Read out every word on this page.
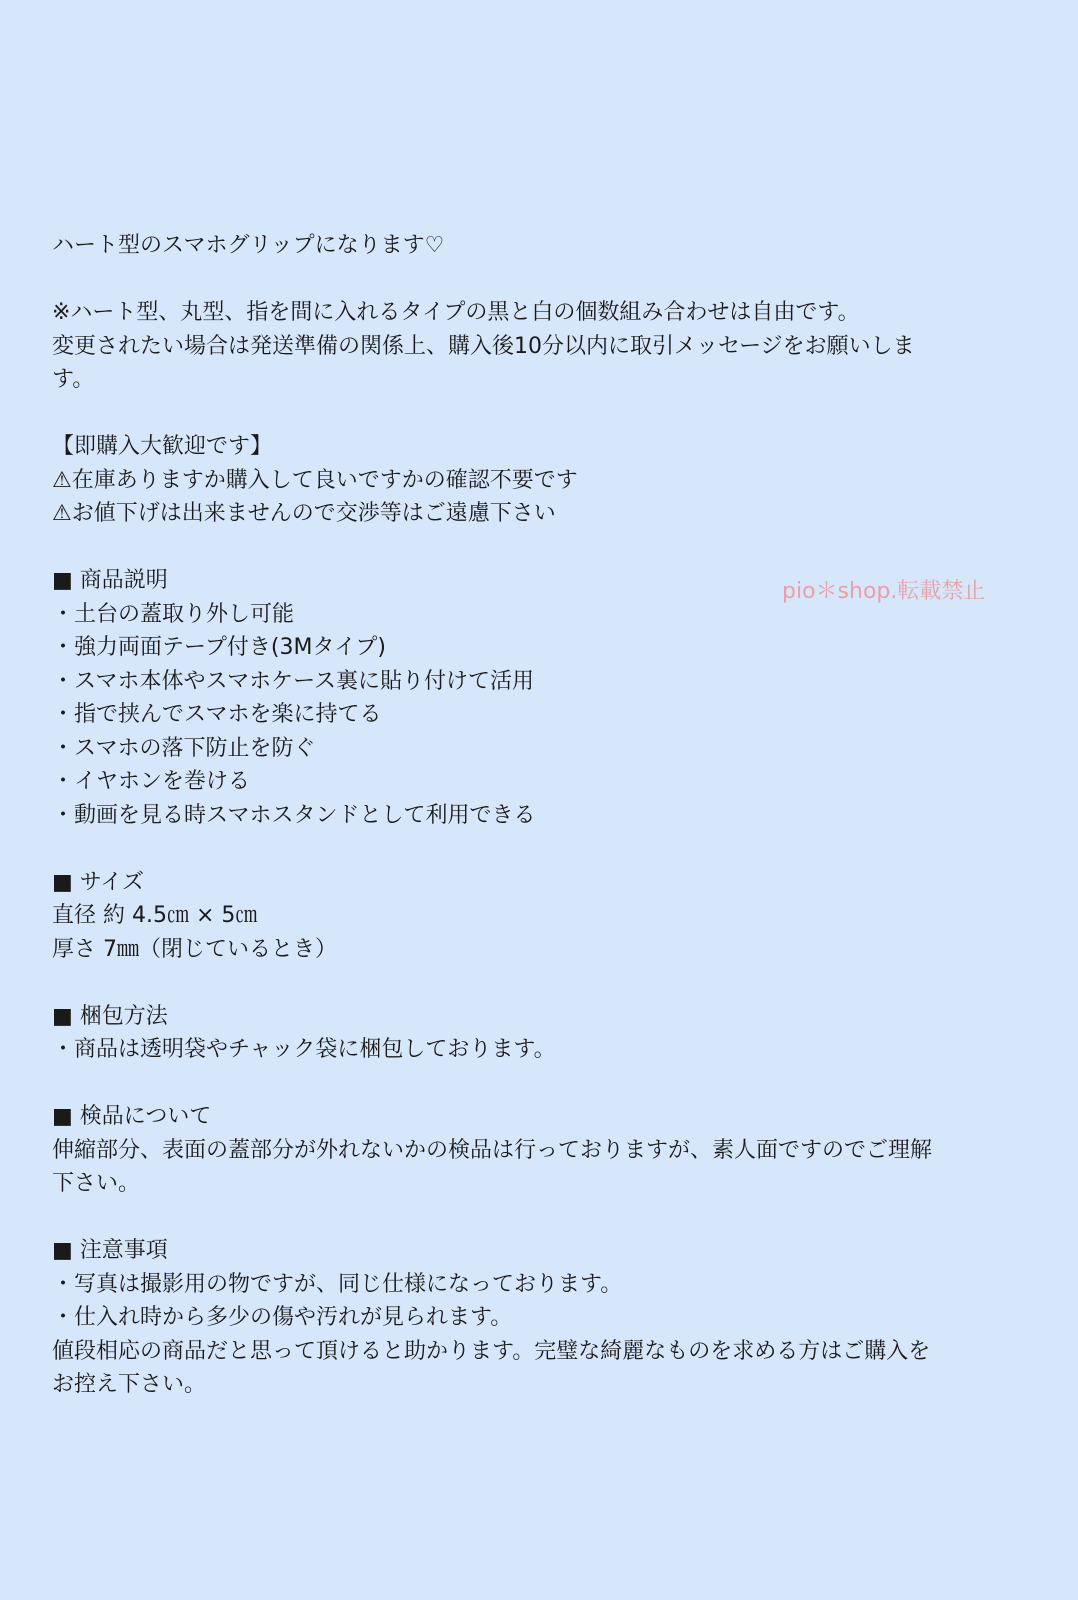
ハート型のスマホグリップになります♡
※ハート型、丸型、指を間に入れるタイプの黒と白の個数組み合わせは自由です。
変更されたい場合は発送準備の関係上、購入後10分以内に取引メッセージをお願いしま
す。
【即購入大歓迎です】
⚠在庫ありますか購入して良いですかの確認不要です
⚠お値下げは出来ませんので交渉等はご遠慮下さい
■ 商品説明
・土台の蓋取り外し可能
・強力両面テープ付き(3Mタイプ)
・スマホ本体やスマホケース裏に貼り付けて活用
・指で挟んでスマホを楽に持てる
・スマホの落下防止を防ぐ
・イヤホンを巻ける
・動画を見る時スマホスタンドとして利用できる
■ サイズ
直径 約 4.5㎝ × 5㎝
厚さ 7㎜（閉じているとき）
■ 梱包方法
・商品は透明袋やチャック袋に梱包しております。
■ 検品について
伸縮部分、表面の蓋部分が外れないかの検品は行っておりますが、素人面ですのでご理解
下さい。
■ 注意事項
・写真は撮影用の物ですが、同じ仕様になっております。
・仕入れ時から多少の傷や汚れが見られます。
値段相応の商品だと思って頂けると助かります。完璧な綺麗なものを求める方はご購入を
お控え下さい。
pio＊shop.転載禁止
